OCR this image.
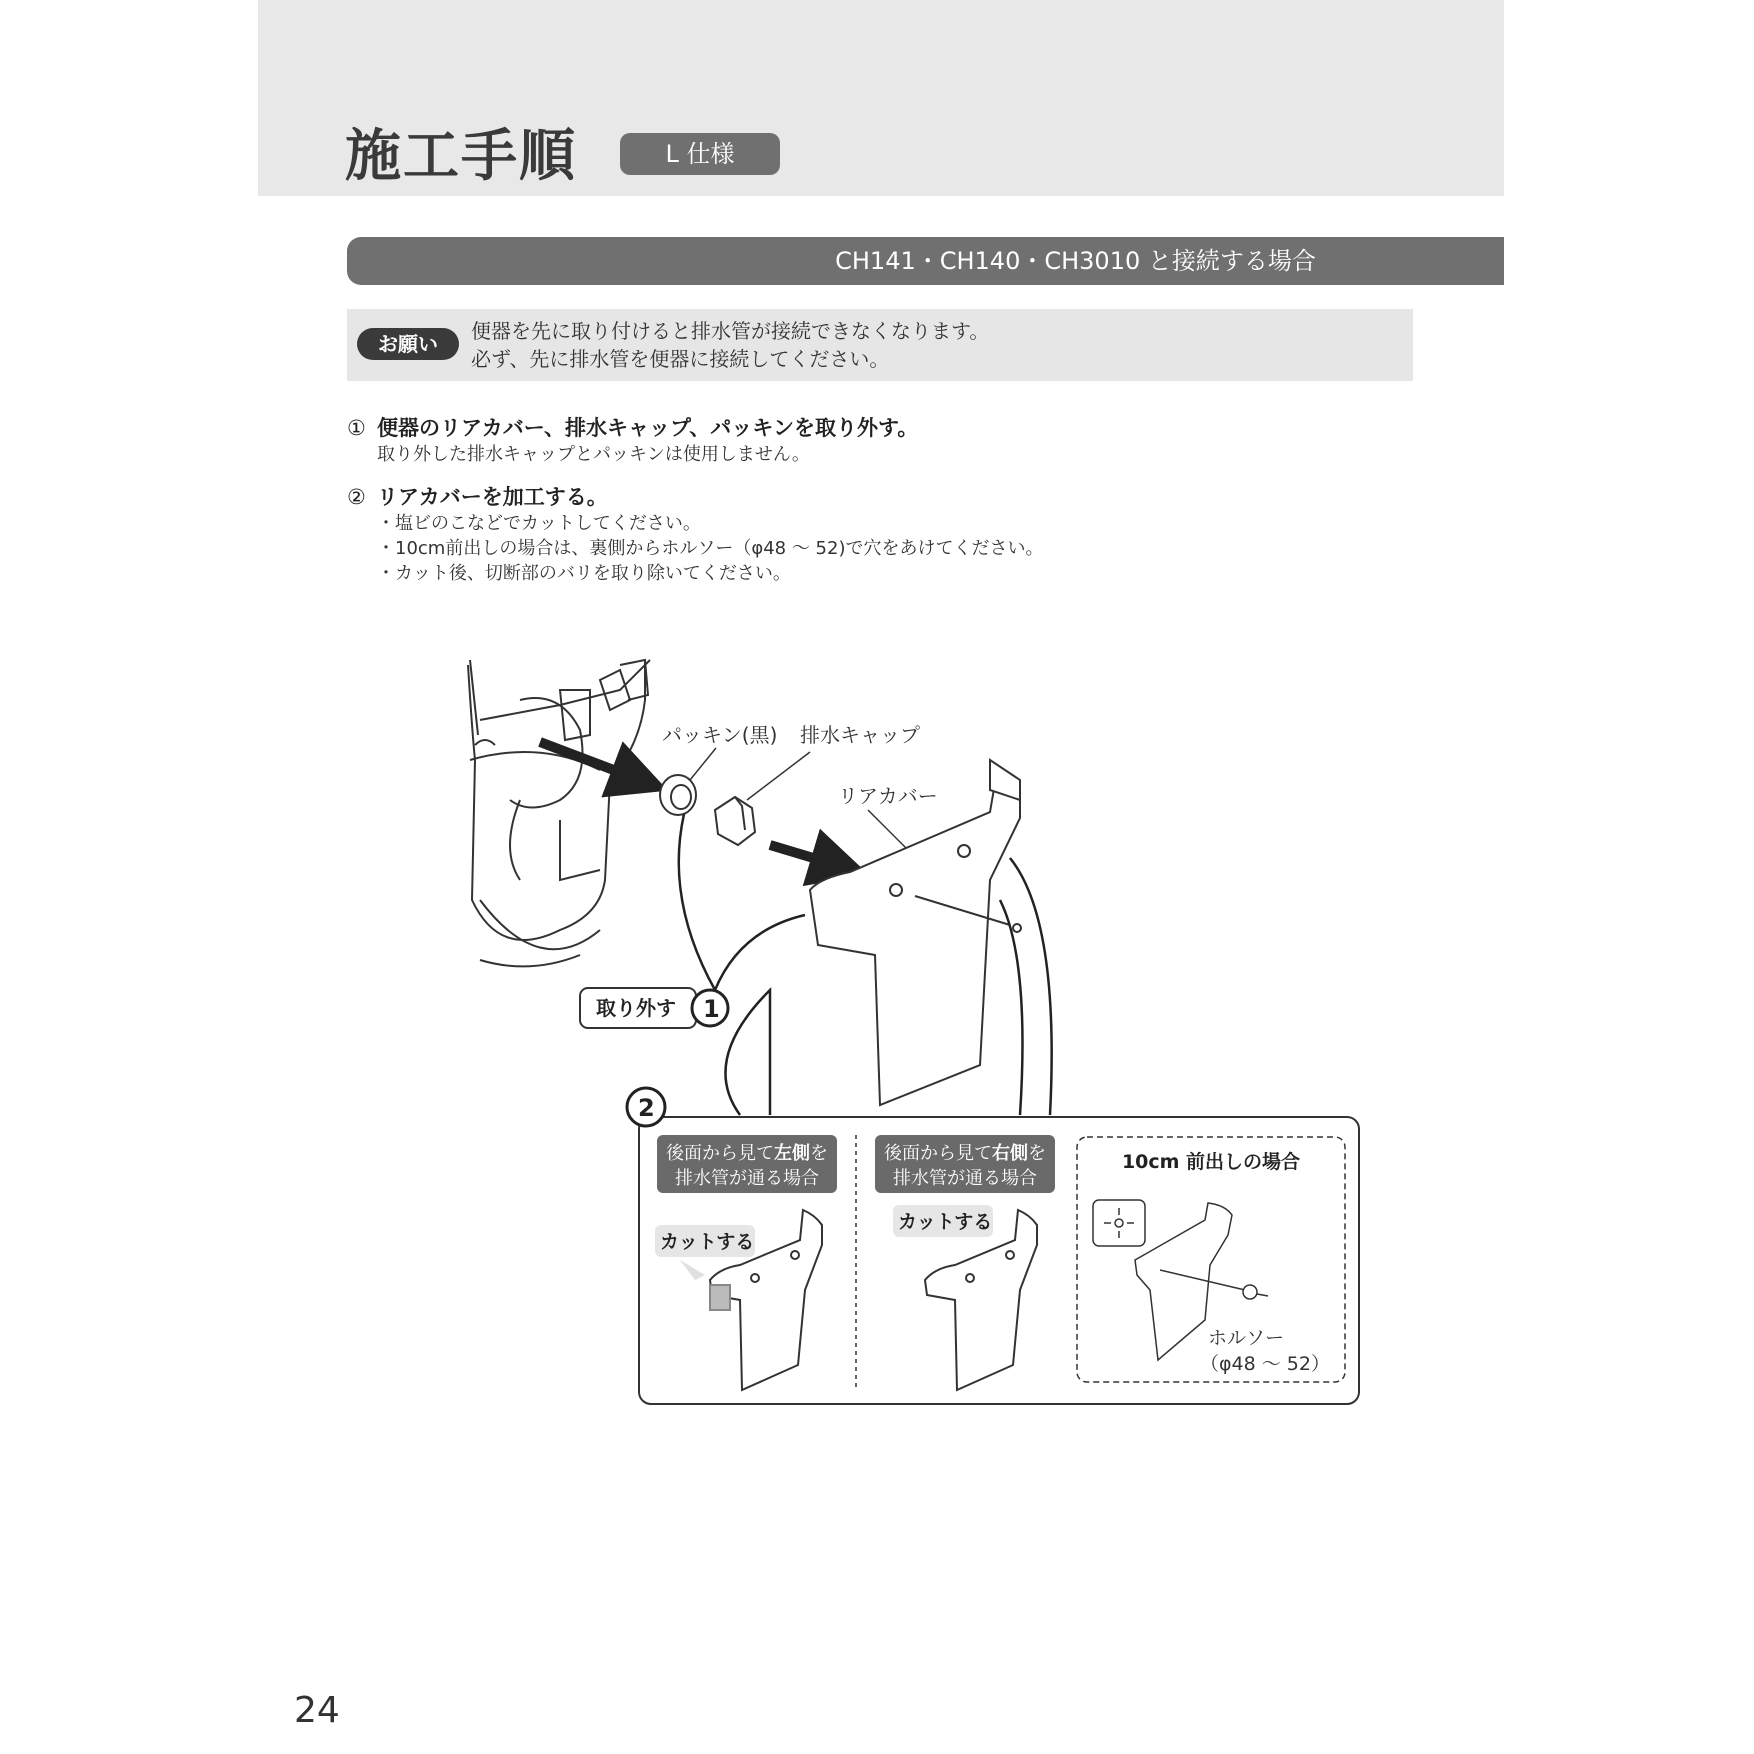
施工手順	L 仕様
CH141・CH140・CH3010 と接続する場合
お願い
便器を先に取り付けると排水管が接続できなくなります。
必ず、先に排水管を便器に接続してください。
① 便器のリアカバー、排水キャップ、パッキンを取り外す。
取り外した排水キャップとパッキンは使用しません。
② リアカバーを加工する。
・塩ビのこなどでカットしてください。
・10cm前出しの場合は、裏側からホルソー（φ48 ～ 52)で穴をあけてください。
・カット後、切断部のバリを取り除いてください。
パッキン(黒) 排水キャップ
リアカバー
取り外す 1
2
後面から見て左側を
排水管が通る場合
カットする
後面から見て右側を
排水管が通る場合
カットする
10cm 前出しの場合
ホルソー
（φ48 ～ 52）
24
